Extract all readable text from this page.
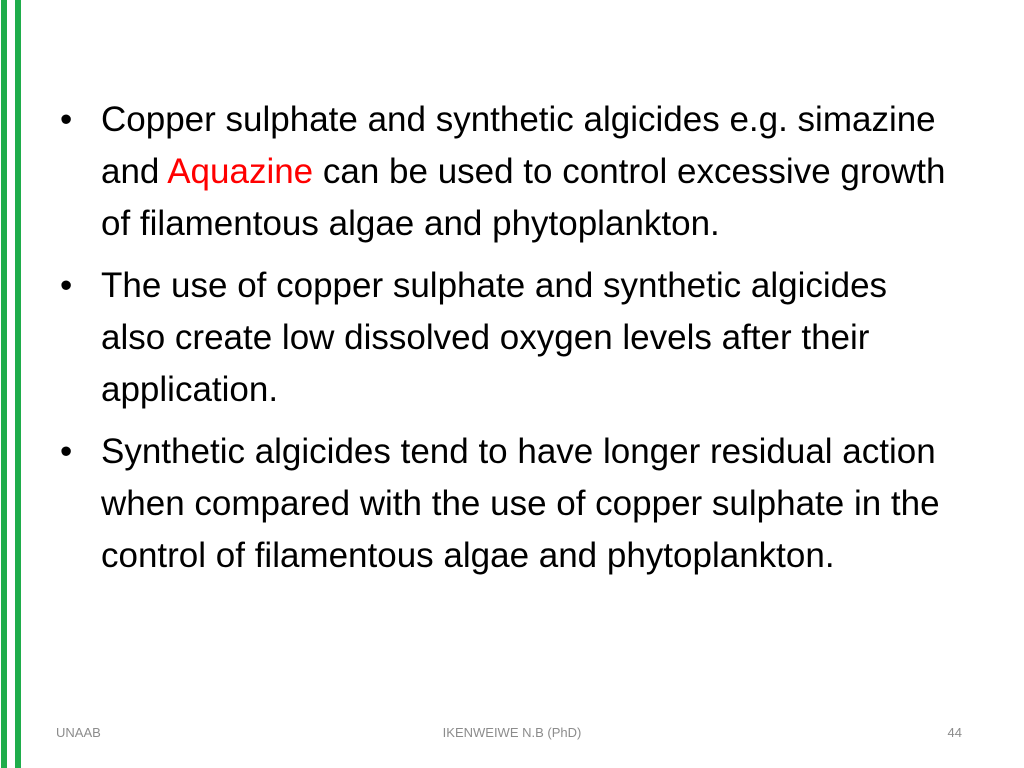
• Copper sulphate and synthetic algicides e.g. simazine and Aquazine can be used to control excessive growth of filamentous algae and phytoplankton.
• The use of copper sulphate and synthetic algicides also create low dissolved oxygen levels after their application.
• Synthetic algicides tend to have longer residual action when compared with the use of copper sulphate in the control of filamentous algae and phytoplankton.
UNAAB	IKENWEIWE N.B (PhD)	44
